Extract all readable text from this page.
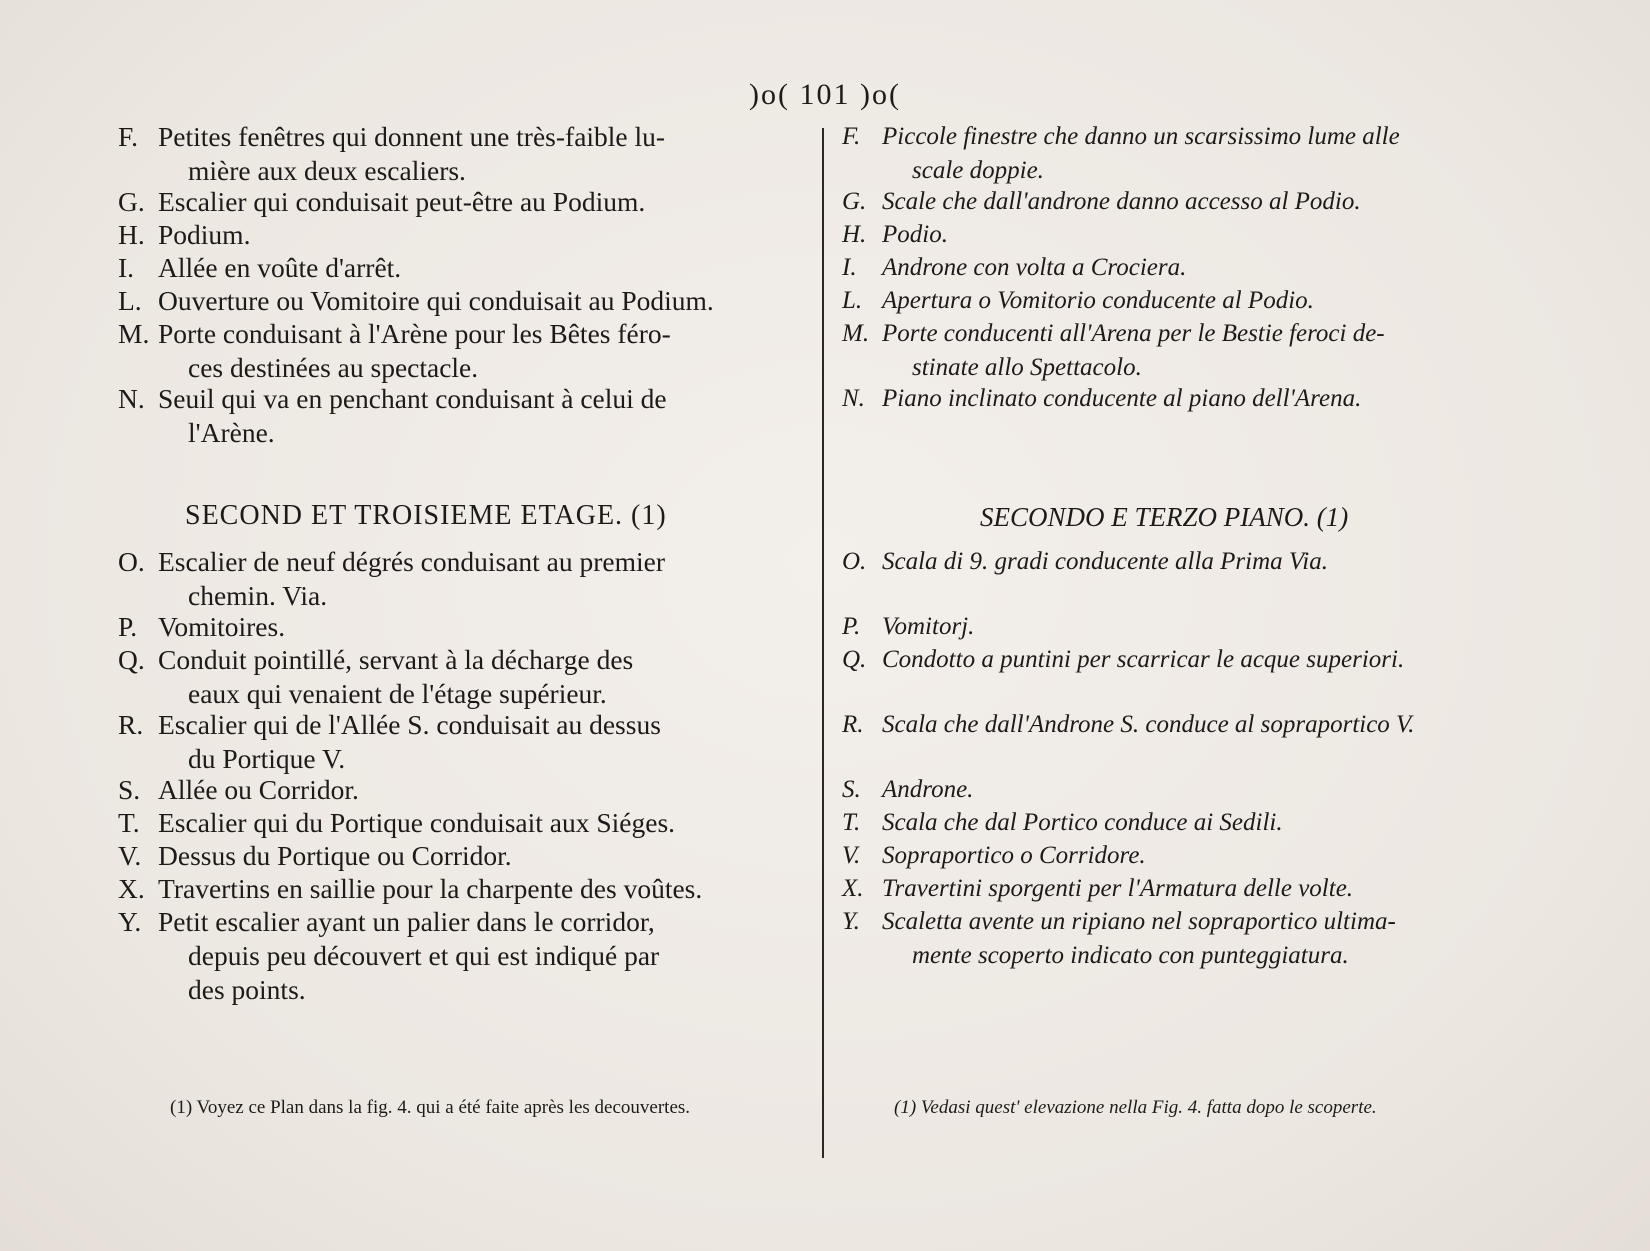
)o( 101 )o(
F. Petites fenêtres qui donnent une très-faible lu-
mière aux deux escaliers.
G. Escalier qui conduisait peut-être au Podium.
H. Podium.
I. Allée en voûte d'arrêt.
L. Ouverture ou Vomitoire qui conduisait au Podium.
M. Porte conduisant à l'Arène pour les Bêtes féro-
ces destinées au spectacle.
N. Seuil qui va en penchant conduisant à celui de
l'Arène.
O. Escalier de neuf dégrés conduisant au premier
chemin. Via.
P. Vomitoires.
Q. Conduit pointillé, servant à la décharge des
eaux qui venaient de l'étage supérieur.
R. Escalier qui de l'Allée S. conduisait au dessus
du Portique V.
S. Allée ou Corridor.
T. Escalier qui du Portique conduisait aux Siéges.
V. Dessus du Portique ou Corridor.
X. Travertins en saillie pour la charpente des voûtes.
Y. Petit escalier ayant un palier dans le corridor,
depuis peu découvert et qui est indiqué par
des points.
F. Piccole finestre che danno un scarsissimo lume alle
scale doppie.
G. Scale che dall'androne danno accesso al Podio.
H. Podio.
I.	Androne con volta a Crociera.
L. Apertura o Vomitorio conducente al Podio.
M. Porte conducenti all'Arena per le Bestie feroci de-
stinate allo Spettacolo.
N. Piano inclinato conducente al piano dell'Arena.
O. Scala di 9. gradi conducente alla Prima Via.
P. Vomitorj.
Q. Condotto a puntini per scarricar le acque superiori.
R. Scala che dall'Androne S. conduce al sopraportico V.
S. Androne.
T. Scala che dal Portico conduce ai Sedili.
V. Sopraportico o Corridore.
X. Travertini sporgenti per l'Armatura delle volte.
Y. Scaletta avente un ripiano nel sopraportico ultima-
mente scoperto indicato con punteggiatura.
SECOND ET TROISIEME ETAGE. (1)	SECONDO E TERZO PIANO. (1)
(1) Voyez ce Plan dans la fig. 4. qui a été faite après les decouvertes.	(1) Vedasi quest' elevazione nella Fig. 4. fatta dopo le scoperte.
